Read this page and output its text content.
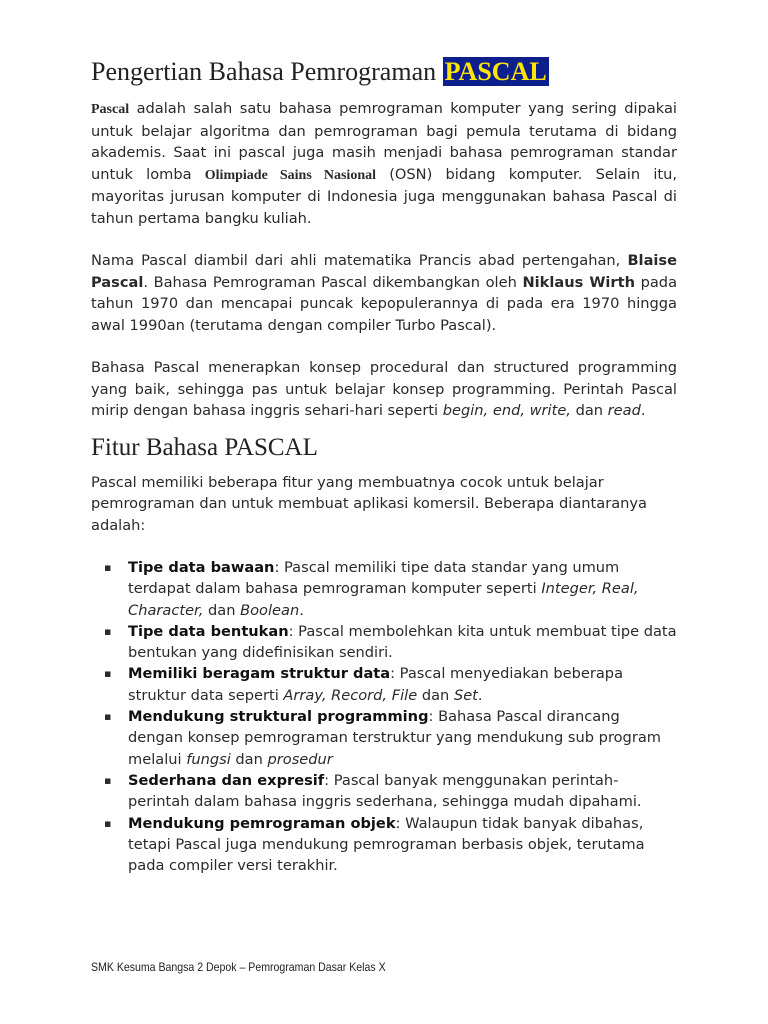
Pengertian Bahasa Pemrograman PASCAL

Pascal adalah salah satu bahasa pemrograman komputer yang sering dipakai untuk belajar algoritma dan pemrograman bagi pemula terutama di bidang akademis. Saat ini pascal juga masih menjadi bahasa pemrograman standar untuk lomba Olimpiade Sains Nasional (OSN) bidang komputer. Selain itu, mayoritas jurusan komputer di Indonesia juga menggunakan bahasa Pascal di tahun pertama bangku kuliah.

Nama Pascal diambil dari ahli matematika Prancis abad pertengahan, Blaise Pascal. Bahasa Pemrograman Pascal dikembangkan oleh Niklaus Wirth pada tahun 1970 dan mencapai puncak kepopulerannya di pada era 1970 hingga awal 1990an (terutama dengan compiler Turbo Pascal).

Bahasa Pascal menerapkan konsep procedural dan structured programming yang baik, sehingga pas untuk belajar konsep programming. Perintah Pascal mirip dengan bahasa inggris sehari-hari seperti begin, end, write, dan read.

Fitur Bahasa PASCAL

Pascal memiliki beberapa fitur yang membuatnya cocok untuk belajar pemrograman dan untuk membuat aplikasi komersil. Beberapa diantaranya adalah:

▪ Tipe data bawaan: Pascal memiliki tipe data standar yang umum terdapat dalam bahasa pemrograman komputer seperti Integer, Real,
Character, dan Boolean.
▪ Tipe data bentukan: Pascal membolehkan kita untuk membuat tipe data bentukan yang didefinisikan sendiri.
▪ Memiliki beragam struktur data: Pascal menyediakan beberapa struktur data seperti Array, Record, File dan Set.
▪ Mendukung struktural programming: Bahasa Pascal dirancang dengan konsep pemrograman terstruktur yang mendukung sub program melalui fungsi dan prosedur
▪ Sederhana dan expresif: Pascal banyak menggunakan perintah-perintah dalam bahasa inggris sederhana, sehingga mudah dipahami.
▪ Mendukung pemrograman objek: Walaupun tidak banyak dibahas, tetapi Pascal juga mendukung pemrograman berbasis objek, terutama pada compiler versi terakhir.
SMK Kesuma Bangsa 2 Depok – Pemrograman Dasar Kelas X
